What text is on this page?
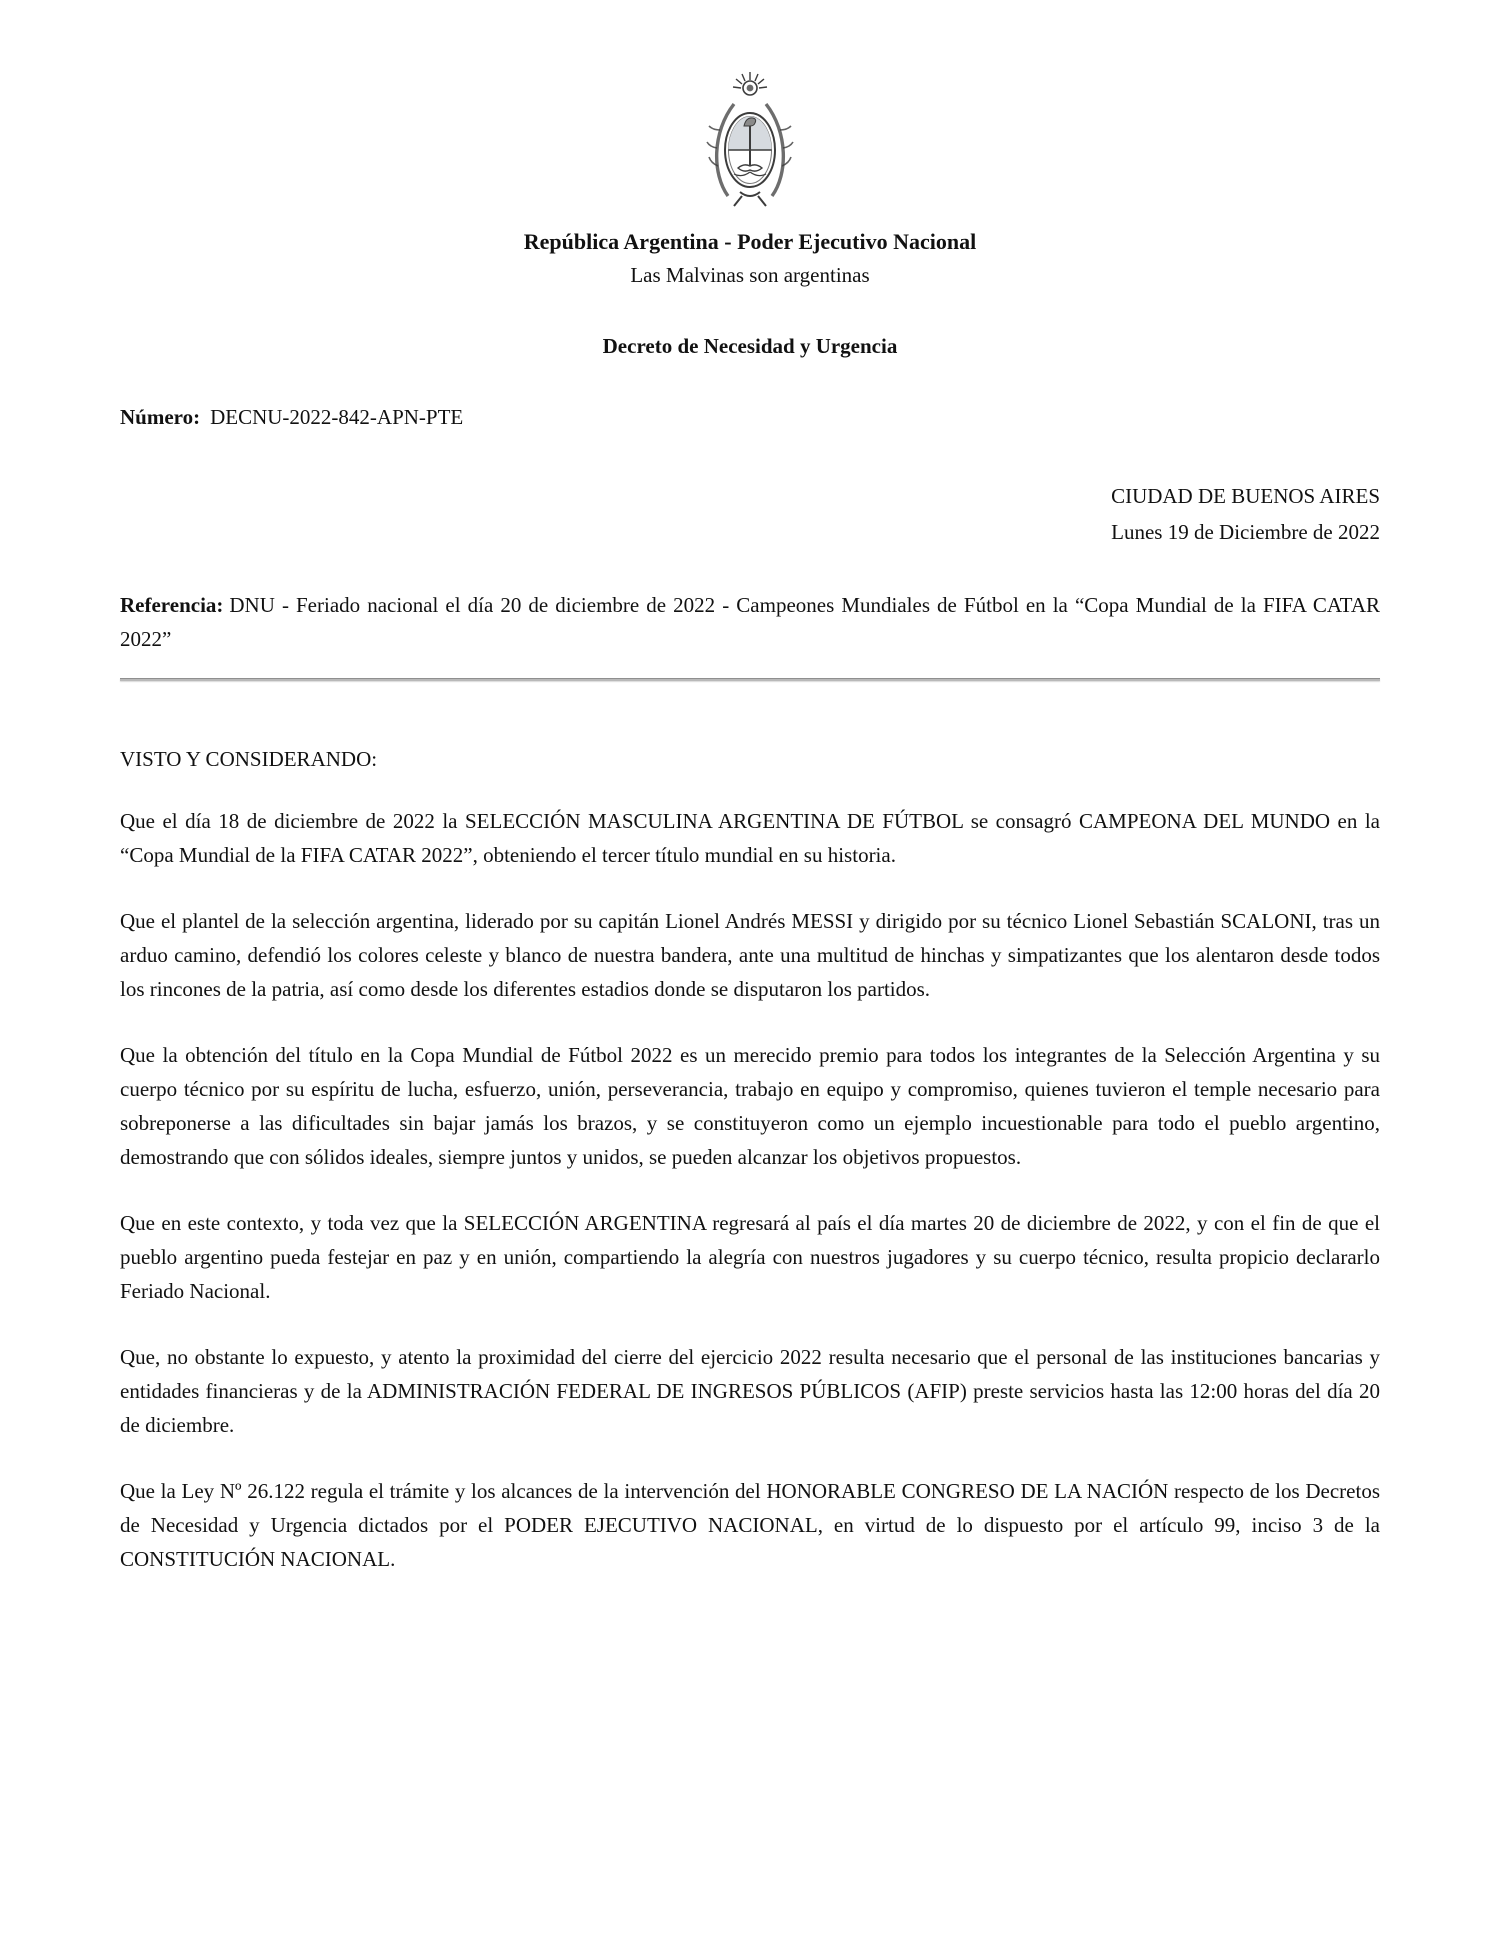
República Argentina - Poder Ejecutivo Nacional
Las Malvinas son argentinas
Decreto de Necesidad y Urgencia
Número: DECNU-2022-842-APN-PTE
CIUDAD DE BUENOS AIRES
Lunes 19 de Diciembre de 2022
Referencia: DNU - Feriado nacional el día 20 de diciembre de 2022 - Campeones Mundiales de Fútbol en la “Copa Mundial de la FIFA CATAR 2022”
VISTO Y CONSIDERANDO:

Que el día 18 de diciembre de 2022 la SELECCIÓN MASCULINA ARGENTINA DE FÚTBOL se consagró CAMPEONA DEL MUNDO en la “Copa Mundial de la FIFA CATAR 2022”, obteniendo el tercer título mundial en su historia.

Que el plantel de la selección argentina, liderado por su capitán Lionel Andrés MESSI y dirigido por su técnico Lionel Sebastián SCALONI, tras un arduo camino, defendió los colores celeste y blanco de nuestra bandera, ante una multitud de hinchas y simpatizantes que los alentaron desde todos los rincones de la patria, así como desde los diferentes estadios donde se disputaron los partidos.

Que la obtención del título en la Copa Mundial de Fútbol 2022 es un merecido premio para todos los integrantes de la Selección Argentina y su cuerpo técnico por su espíritu de lucha, esfuerzo, unión, perseverancia, trabajo en equipo y compromiso, quienes tuvieron el temple necesario para sobreponerse a las dificultades sin bajar jamás los brazos, y se constituyeron como un ejemplo incuestionable para todo el pueblo argentino, demostrando que con sólidos ideales, siempre juntos y unidos, se pueden alcanzar los objetivos propuestos.

Que en este contexto, y toda vez que la SELECCIÓN ARGENTINA regresará al país el día martes 20 de diciembre de 2022, y con el fin de que el pueblo argentino pueda festejar en paz y en unión, compartiendo la alegría con nuestros jugadores y su cuerpo técnico, resulta propicio declararlo Feriado Nacional.

Que, no obstante lo expuesto, y atento la proximidad del cierre del ejercicio 2022 resulta necesario que el personal de las instituciones bancarias y entidades financieras y de la ADMINISTRACIÓN FEDERAL DE INGRESOS PÚBLICOS (AFIP) preste servicios hasta las 12:00 horas del día 20 de diciembre.

Que la Ley Nº 26.122 regula el trámite y los alcances de la intervención del HONORABLE CONGRESO DE LA NACIÓN respecto de los Decretos de Necesidad y Urgencia dictados por el PODER EJECUTIVO NACIONAL, en virtud de lo dispuesto por el artículo 99, inciso 3 de la CONSTITUCIÓN NACIONAL.
